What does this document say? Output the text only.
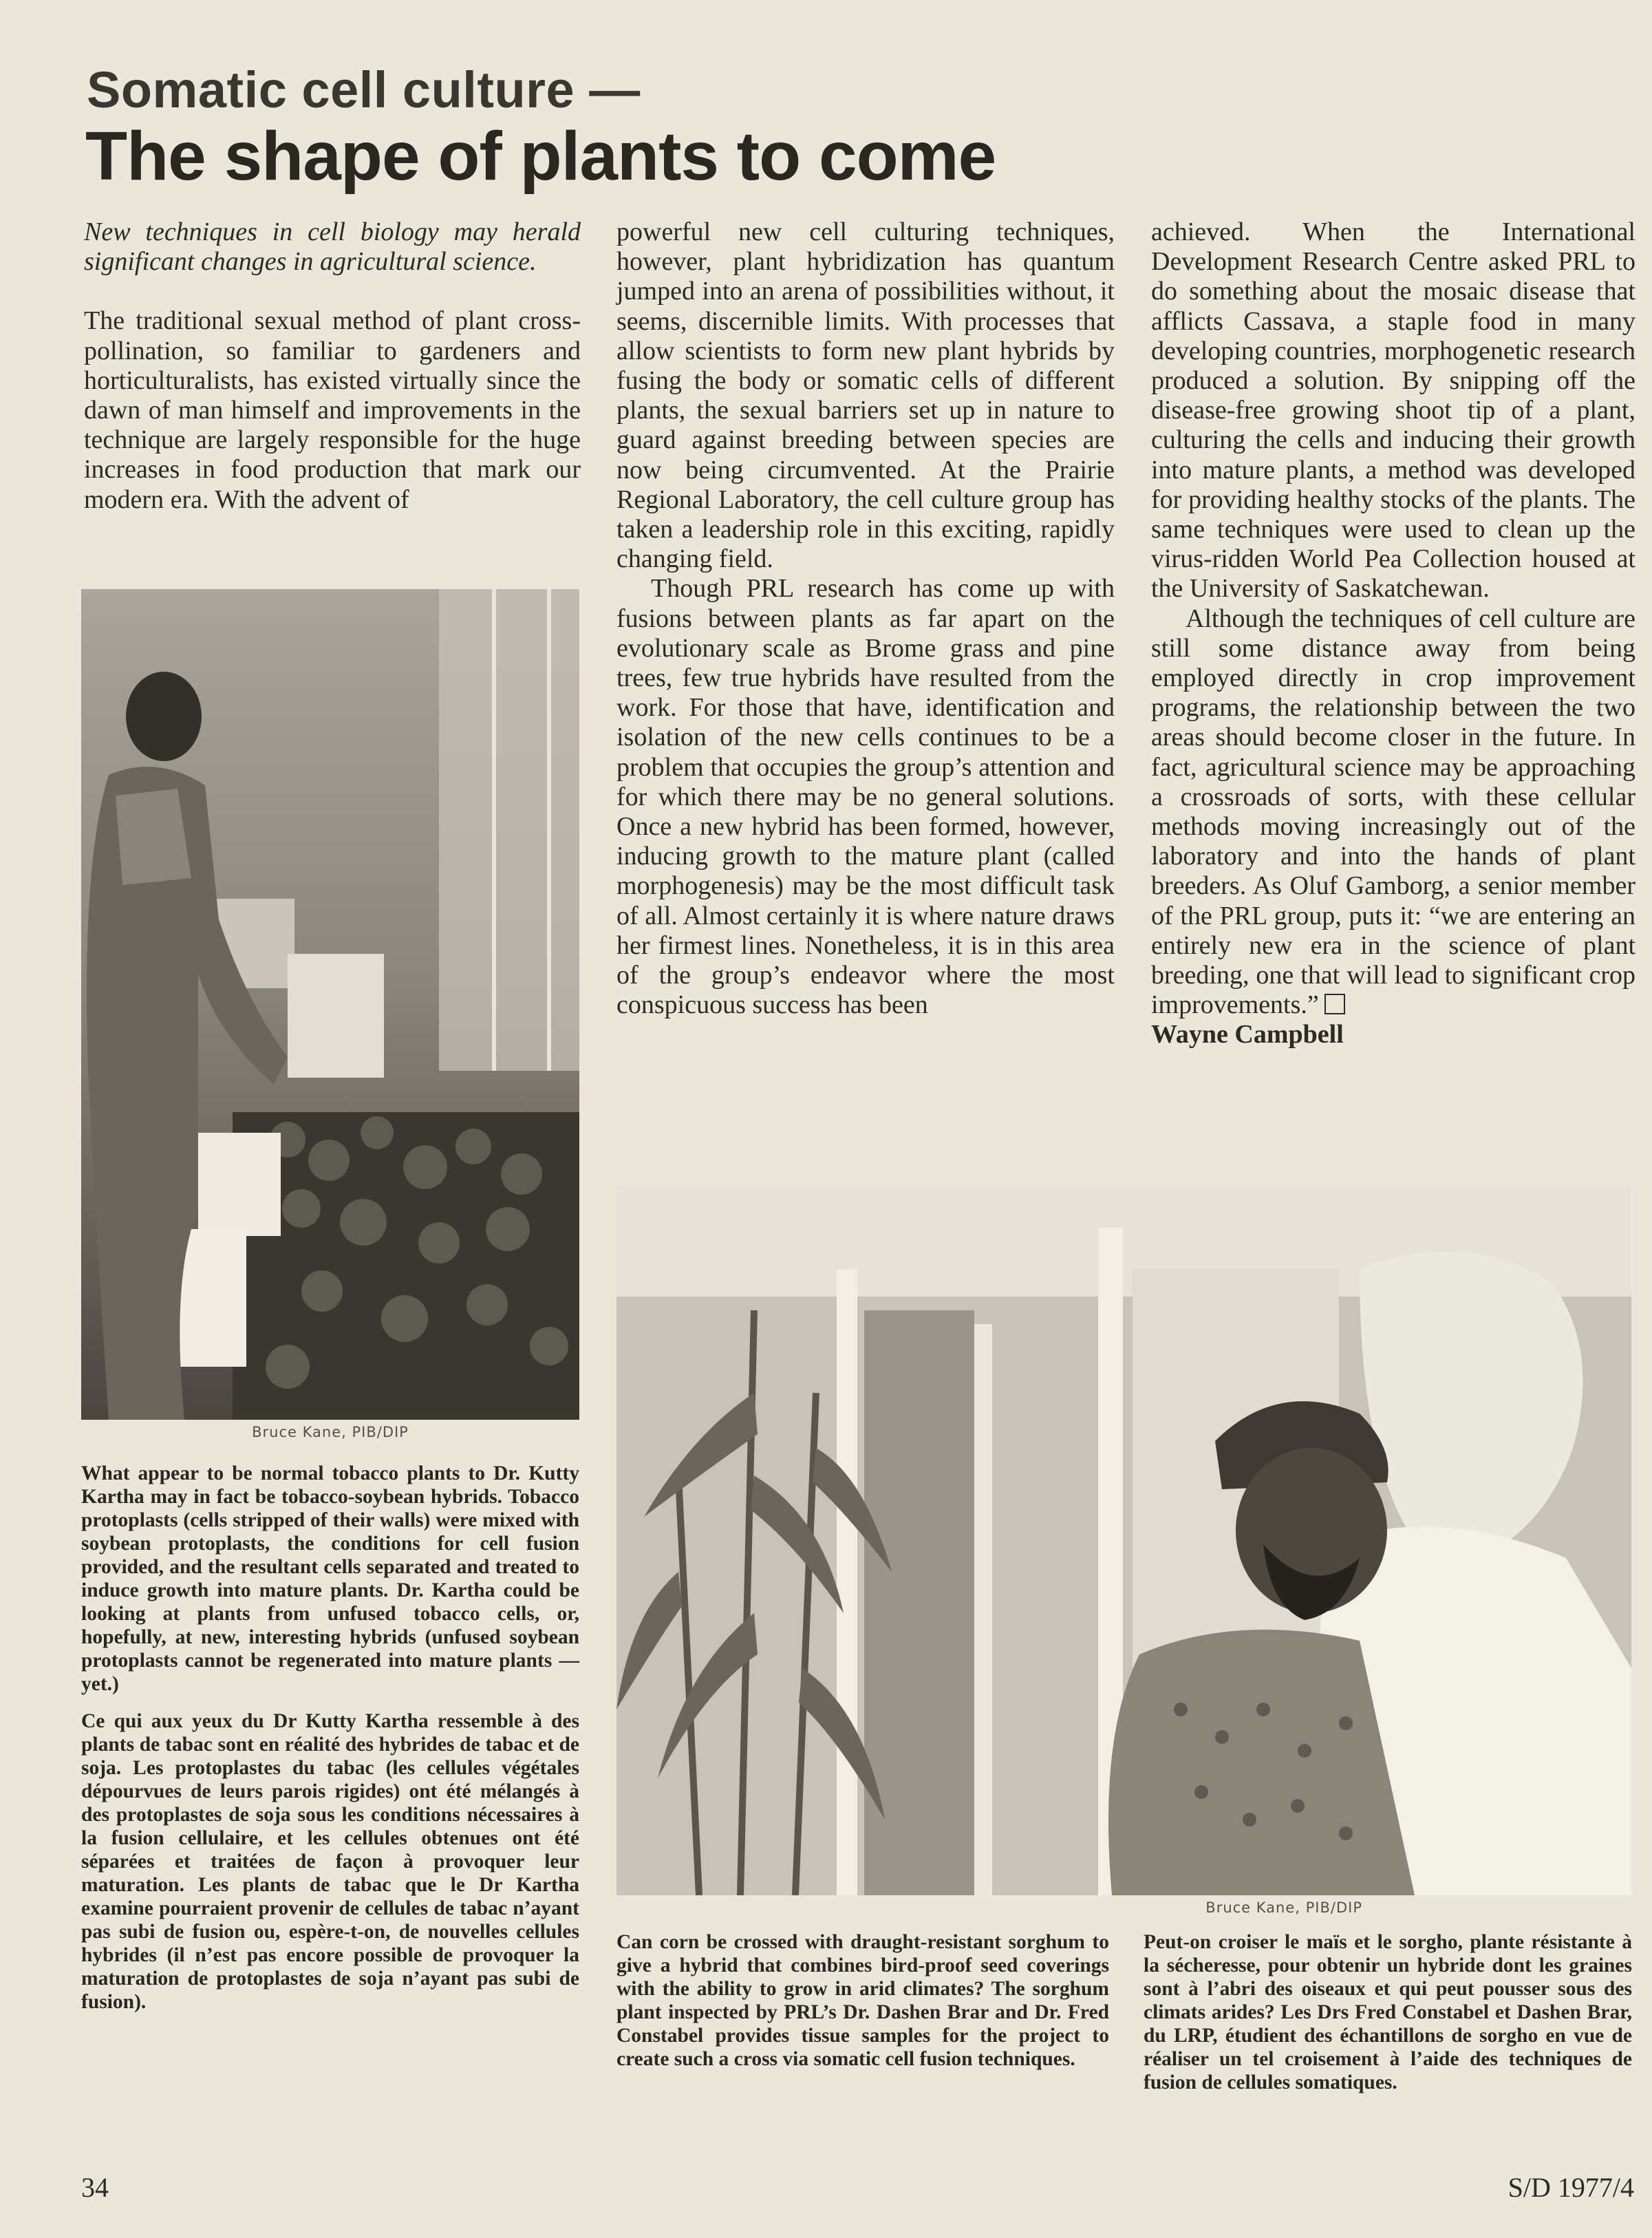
Somatic cell culture —
The shape of plants to come

New techniques in cell biology may herald significant changes in agricultural science.

The traditional sexual method of plant cross-pollination, so familiar to gardeners and horticulturalists, has existed virtually since the dawn of man himself and improvements in the technique are largely responsible for the huge increases in food production that mark our modern era. With the advent of

powerful new cell culturing techniques, however, plant hybridization has quantum jumped into an arena of possibilities without, it seems, discernible limits. With processes that allow scientists to form new plant hybrids by fusing the body or somatic cells of different plants, the sexual barriers set up in nature to guard against breeding between species are now being circumvented. At the Prairie Regional Laboratory, the cell culture group has taken a leadership role in this exciting, rapidly changing field.

Though PRL research has come up with fusions between plants as far apart on the evolutionary scale as Brome grass and pine trees, few true hybrids have resulted from the work. For those that have, identification and isolation of the new cells continues to be a problem that occupies the group’s attention and for which there may be no general solutions. Once a new hybrid has been formed, however, inducing growth to the mature plant (called morphogenesis) may be the most difficult task of all. Almost certainly it is where nature draws her firmest lines. Nonetheless, it is in this area of the group’s endeavor where the most conspicuous success has been

achieved. When the International Development Research Centre asked PRL to do something about the mosaic disease that afflicts Cassava, a staple food in many developing countries, morphogenetic research produced a solution. By snipping off the disease-free growing shoot tip of a plant, culturing the cells and inducing their growth into mature plants, a method was developed for providing healthy stocks of the plants. The same techniques were used to clean up the virus-ridden World Pea Collection housed at the University of Saskatchewan.

Although the techniques of cell culture are still some distance away from being employed directly in crop improvement programs, the relationship between the two areas should become closer in the future. In fact, agricultural science may be approaching a crossroads of sorts, with these cellular methods moving increasingly out of the laboratory and into the hands of plant breeders. As Oluf Gamborg, a senior member of the PRL group, puts it: “we are entering an entirely new era in the science of plant breeding, one that will lead to significant crop improvements.”

Wayne Campbell

Bruce Kane, PIB/DIP

What appear to be normal tobacco plants to Dr. Kutty Kartha may in fact be tobacco-soybean hybrids. Tobacco protoplasts (cells stripped of their walls) were mixed with soybean protoplasts, the conditions for cell fusion provided, and the resultant cells separated and treated to induce growth into mature plants. Dr. Kartha could be looking at plants from unfused tobacco cells, or, hopefully, at new, interesting hybrids (unfused soybean protoplasts cannot be regenerated into mature plants — yet.)

Ce qui aux yeux du Dr Kutty Kartha ressemble à des plants de tabac sont en réalité des hybrides de tabac et de soja. Les protoplastes du tabac (les cellules végétales dépourvues de leurs parois rigides) ont été mélangés à des protoplastes de soja sous les conditions nécessaires à la fusion cellulaire, et les cellules obtenues ont été séparées et traitées de façon à provoquer leur maturation. Les plants de tabac que le Dr Kartha examine pourraient provenir de cellules de tabac n’ayant pas subi de fusion ou, espère-t-on, de nouvelles cellules hybrides (il n’est pas encore possible de provoquer la maturation de protoplastes de soja n’ayant pas subi de fusion).

Bruce Kane, PIB/DIP

Can corn be crossed with draught-resistant sorghum to give a hybrid that combines bird-proof seed coverings with the ability to grow in arid climates? The sorghum plant inspected by PRL’s Dr. Dashen Brar and Dr. Fred Constabel provides tissue samples for the project to create such a cross via somatic cell fusion techniques.

Peut-on croiser le maïs et le sorgho, plante résistante à la sécheresse, pour obtenir un hybride dont les graines sont à l’abri des oiseaux et qui peut pousser sous des climats arides? Les Drs Fred Constabel et Dashen Brar, du LRP, étudient des échantillons de sorgho en vue de réaliser un tel croisement à l’aide des techniques de fusion de cellules somatiques.

34	S/D 1977/4
